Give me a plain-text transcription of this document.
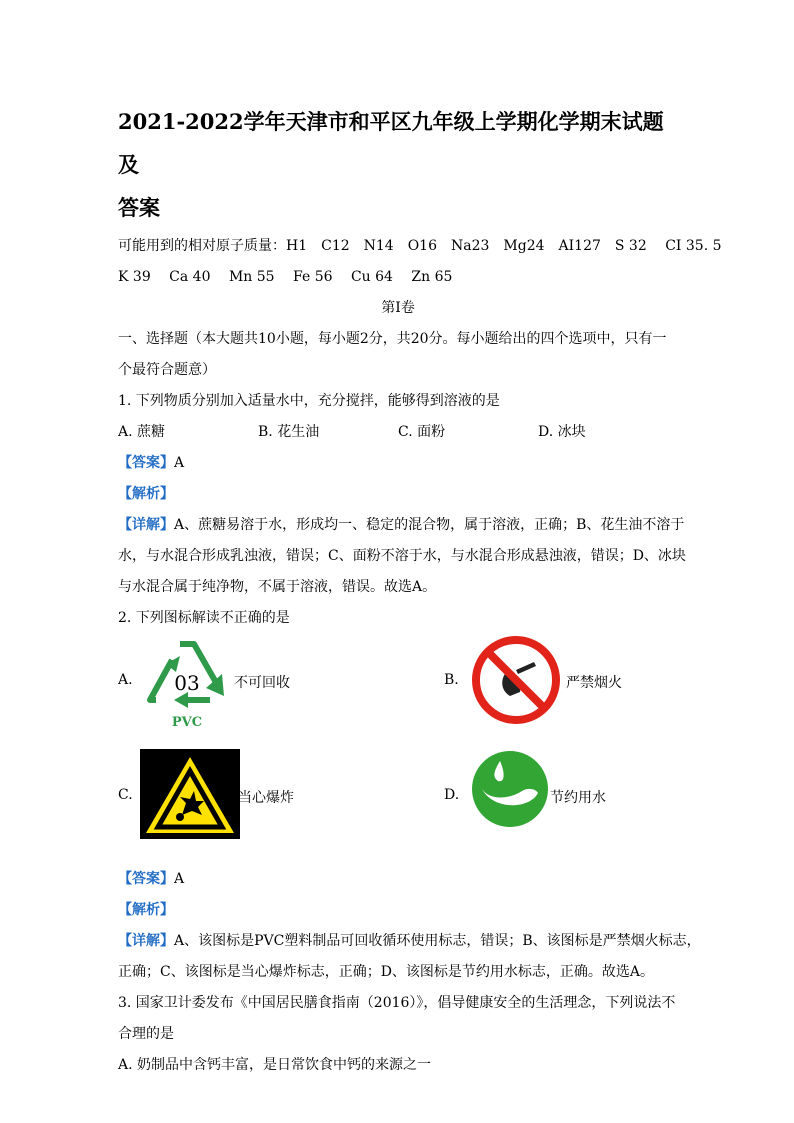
2021-2022学年天津市和平区九年级上学期化学期末试题及
答案
可能用到的相对原子质量：H1　C12　N14　O16　Na23　Mg24　AI127　S 32　 CI 35. 5
K 39　 Ca 40　 Mn 55　 Fe 56　 Cu 64　 Zn 65
第I卷
一、选择题（本大题共10小题，每小题2分，共20分。每小题给出的四个选项中，只有一
个最符合题意）
1. 下列物质分别加入适量水中，充分搅拌，能够得到溶液的是
A. 蔗糖	B. 花生油	C. 面粉	D. 冰块
【答案】A
【解析】
【详解】A、蔗糖易溶于水，形成均一、稳定的混合物，属于溶液，正确；B、花生油不溶于
水，与水混合形成乳浊液，错误；C、面粉不溶于水，与水混合形成悬浊液，错误；D、冰块
与水混合属于纯净物，不属于溶液，错误。故选A。
2. 下列图标解读不正确的是
A. 03
PVC
不可回收	B.	严禁烟火
C.	当心爆炸	D.	节约用水
【答案】A
【解析】
【详解】A、该图标是PVC塑料制品可回收循环使用标志，错误；B、该图标是严禁烟火标志，
正确；C、该图标是当心爆炸标志，正确；D、该图标是节约用水标志，正确。故选A。
3. 国家卫计委发布《中国居民膳食指南（2016）》，倡导健康安全的生活理念，下列说法不
合理的是
A. 奶制品中含钙丰富，是日常饮食中钙的来源之一
